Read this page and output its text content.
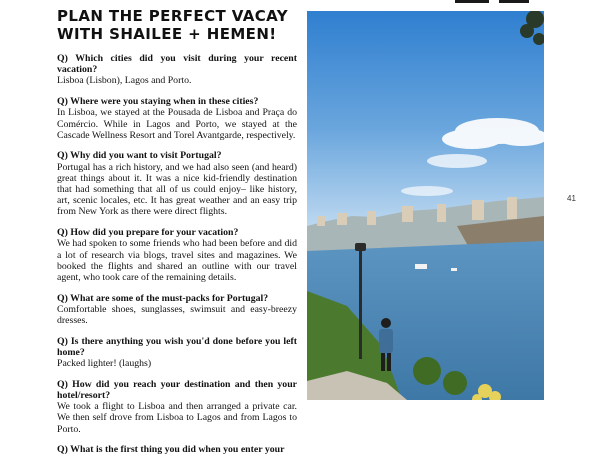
PLAN THE PERFECT VACAY
WITH SHAILEE + HEMEN!
Q) Which cities did you visit during your recent vacation?
Lisboa (Lisbon), Lagos and Porto.
Q) Where were you staying when in these cities?
In Lisboa, we stayed at the Pousada de Lisboa and Praça do Comércio. While in Lagos and Porto, we stayed at the Cascade Wellness Resort and Torel Avantgarde, respectively.
Q) Why did you want to visit Portugal?
Portugal has a rich history, and we had also seen (and heard) great things about it. It was a nice kid-friendly destination that had something that all of us could enjoy– like history, art, scenic locales, etc. It has great weather and an easy trip from New York as there were direct flights.
Q) How did you prepare for your vacation?
We had spoken to some friends who had been before and did a lot of research via blogs, travel sites and magazines. We booked the flights and shared an outline with our travel agent, who took care of the remaining details.
Q) What are some of the must-packs for Portugal?
Comfortable shoes, sunglasses, swimsuit and easy-breezy dresses.
Q) Is there anything you wish you'd done before you left home?
Packed lighter! (laughs)
Q) How did you reach your destination and then your hotel/resort?
We took a flight to Lisboa and then arranged a private car. We then self drove from Lisboa to Lagos and from Lagos to Porto.
Q) What is the first thing you did when you enter your
41
